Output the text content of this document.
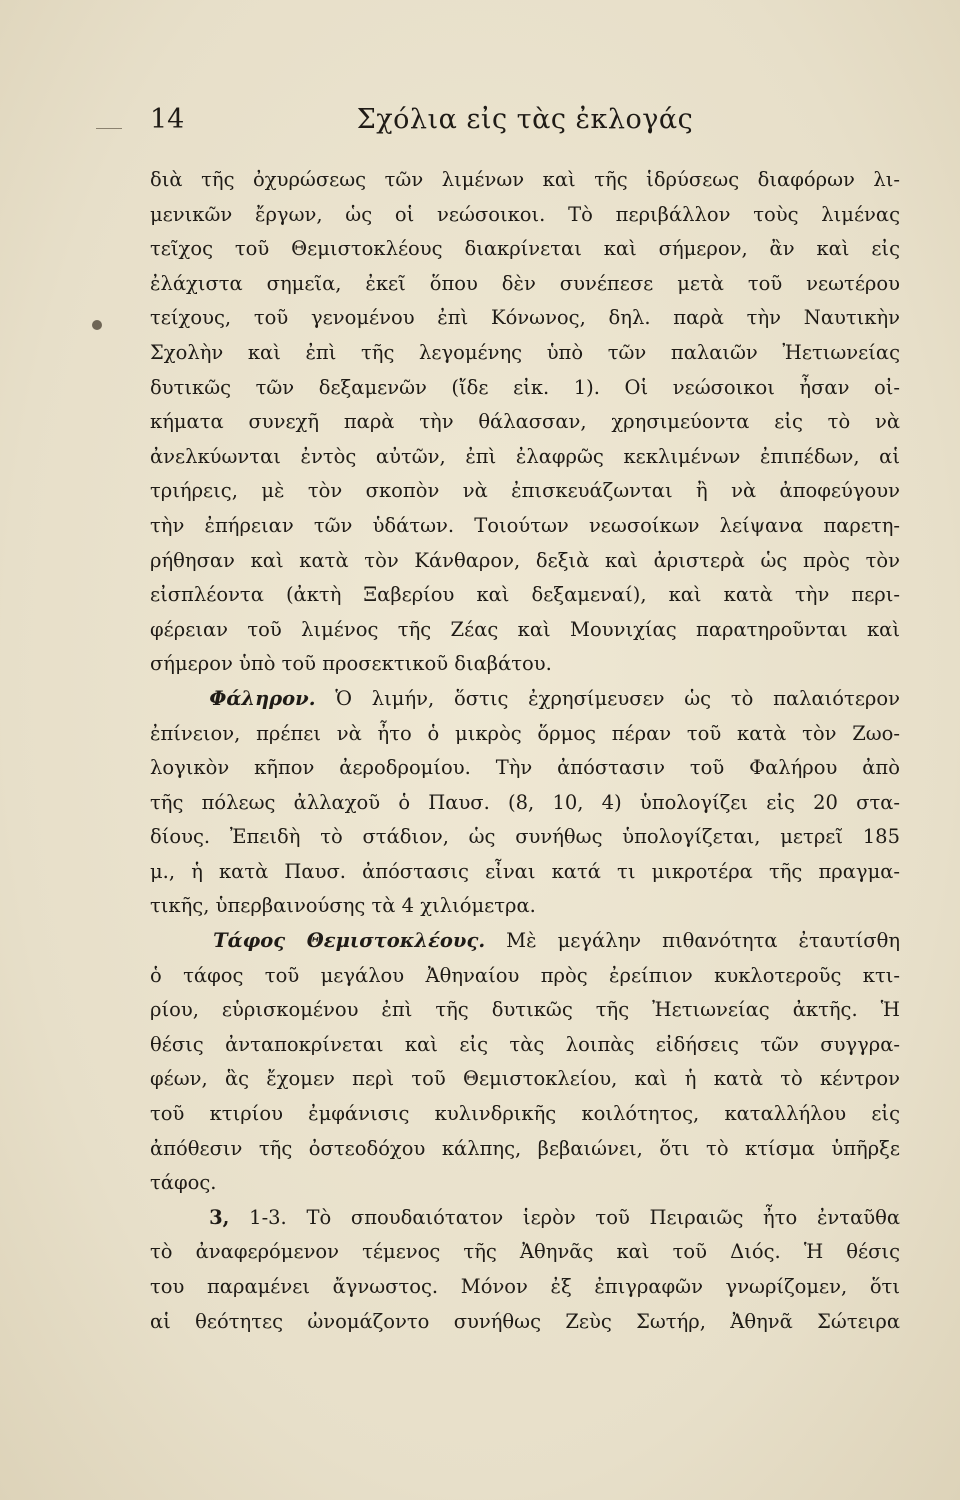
14	Σχόλια εἰς τὰς ἐκλογάς
διὰ τῆς ὀχυρώσεως τῶν λιμένων καὶ τῆς ἱδρύσεως διαφόρων λι-
μενικῶν ἔργων, ὡς οἱ νεώσοικοι. Τὸ περιβάλλον τοὺς λιμένας
τεῖχος τοῦ Θεμιστοκλέους διακρίνεται καὶ σήμερον, ἂν καὶ εἰς
ἐλάχιστα σημεῖα, ἐκεῖ ὅπου δὲν συνέπεσε μετὰ τοῦ νεωτέρου
τείχους, τοῦ γενομένου ἐπὶ Κόνωνος, δηλ. παρὰ τὴν Ναυτικὴν
Σχολὴν καὶ ἐπὶ τῆς λεγομένης ὑπὸ τῶν παλαιῶν Ἠετιωνείας
δυτικῶς τῶν δεξαμενῶν (ἴδε εἰκ. 1). Οἱ νεώσοικοι ἦσαν οἰ-
κήματα συνεχῆ παρὰ τὴν θάλασσαν, χρησιμεύοντα εἰς τὸ νὰ
ἀνελκύωνται ἐντὸς αὐτῶν, ἐπὶ ἐλαφρῶς κεκλιμένων ἐπιπέδων, αἱ
τριήρεις, μὲ τὸν σκοπὸν νὰ ἐπισκευάζωνται ἢ νὰ ἀποφεύγουν
τὴν ἐπήρειαν τῶν ὑδάτων. Τοιούτων νεωσοίκων λείψανα παρετη-
ρήθησαν καὶ κατὰ τὸν Κάνθαρον, δεξιὰ καὶ ἀριστερὰ ὡς πρὸς τὸν
εἰσπλέοντα (ἀκτὴ Ξαβερίου καὶ δεξαμεναί), καὶ κατὰ τὴν περι-
φέρειαν τοῦ λιμένος τῆς Ζέας καὶ Μουνιχίας παρατηροῦνται καὶ
σήμερον ὑπὸ τοῦ προσεκτικοῦ διαβάτου.
Φάληρον. Ὁ λιμήν, ὅστις ἐχρησίμευσεν ὡς τὸ παλαιότερον
ἐπίνειον, πρέπει νὰ ἦτο ὁ μικρὸς ὅρμος πέραν τοῦ κατὰ τὸν Ζωο-
λογικὸν κῆπον ἀεροδρομίου. Τὴν ἀπόστασιν τοῦ Φαλήρου ἀπὸ
τῆς πόλεως ἀλλαχοῦ ὁ Παυσ. (8, 10, 4) ὑπολογίζει εἰς 20 στα-
δίους. Ἐπειδὴ τὸ στάδιον, ὡς συνήθως ὑπολογίζεται, μετρεῖ 185
μ., ἡ κατὰ Παυσ. ἀπόστασις εἶναι κατά τι μικροτέρα τῆς πραγμα-
τικῆς, ὑπερβαινούσης τὰ 4 χιλιόμετρα.
Τάφος Θεμιστοκλέους. Μὲ μεγάλην πιθανότητα ἐταυτίσθη
ὁ τάφος τοῦ μεγάλου Ἀθηναίου πρὸς ἐρείπιον κυκλοτεροῦς κτι-
ρίου, εὑρισκομένου ἐπὶ τῆς δυτικῶς τῆς Ἠετιωνείας ἀκτῆς. Ἡ
θέσις ἀνταποκρίνεται καὶ εἰς τὰς λοιπὰς εἰδήσεις τῶν συγγρα-
φέων, ἃς ἔχομεν περὶ τοῦ Θεμιστοκλείου, καὶ ἡ κατὰ τὸ κέντρον
τοῦ κτιρίου ἐμφάνισις κυλινδρικῆς κοιλότητος, καταλλήλου εἰς
ἀπόθεσιν τῆς ὀστεοδόχου κάλπης, βεβαιώνει, ὅτι τὸ κτίσμα ὑπῆρξε
τάφος.
3, 1-3. Τὸ σπουδαιότατον ἱερὸν τοῦ Πειραιῶς ἦτο ἐνταῦθα
τὸ ἀναφερόμενον τέμενος τῆς Ἀθηνᾶς καὶ τοῦ Διός. Ἡ θέσις
του παραμένει ἄγνωστος. Μόνον ἐξ ἐπιγραφῶν γνωρίζομεν, ὅτι
αἱ θεότητες ὠνομάζοντο συνήθως Ζεὺς Σωτήρ, Ἀθηνᾶ Σώτειρα
